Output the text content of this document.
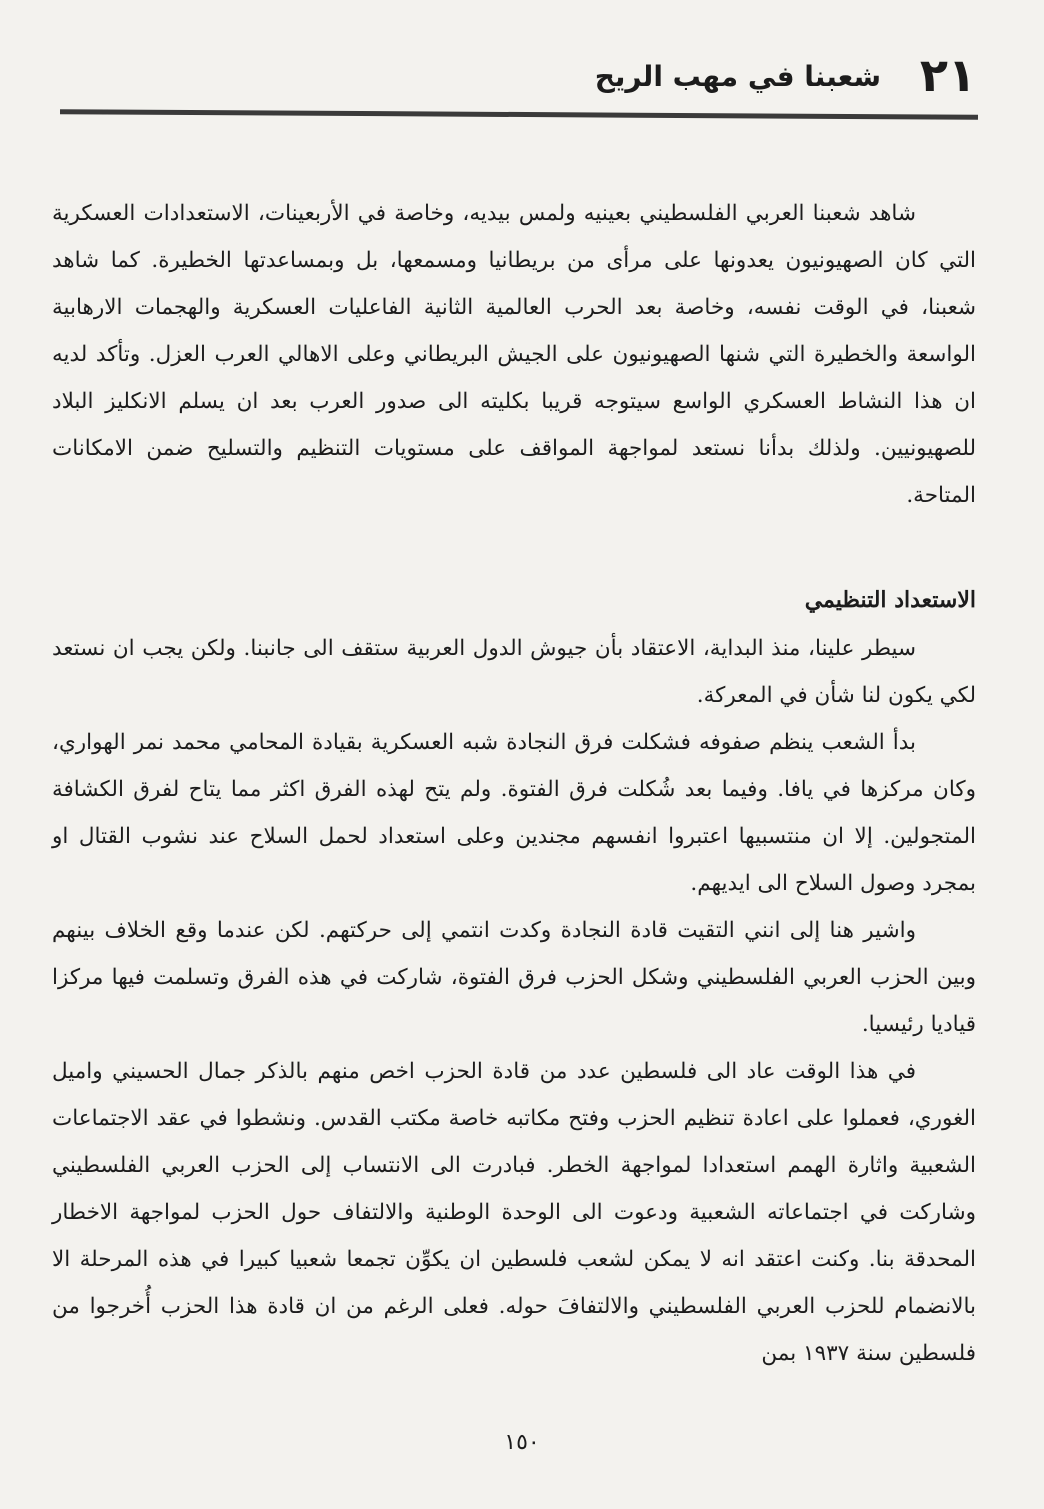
٢١
شعبنا في مهب الريح

شاهد شعبنا العربي الفلسطيني بعينيه ولمس بيديه، وخاصة في الأربعينات، الاستعدادات العسكرية التي كان الصهيونيون يعدونها على مرأى من بريطانيا ومسمعها، بل وبمساعدتها الخطيرة. كما شاهد شعبنا، في الوقت نفسه، وخاصة بعد الحرب العالمية الثانية الفاعليات العسكرية والهجمات الارهابية الواسعة والخطيرة التي شنها الصهيونيون على الجيش البريطاني وعلى الاهالي العرب العزل. وتأكد لديه ان هذا النشاط العسكري الواسع سيتوجه قريبا بكليته الى صدور العرب بعد ان يسلم الانكليز البلاد للصهيونيين. ولذلك بدأنا نستعد لمواجهة المواقف على مستويات التنظيم والتسليح ضمن الامكانات المتاحة.

الاستعداد التنظيمي

سيطر علينا، منذ البداية، الاعتقاد بأن جيوش الدول العربية ستقف الى جانبنا. ولكن يجب ان نستعد لكي يكون لنا شأن في المعركة.

بدأ الشعب ينظم صفوفه فشكلت فرق النجادة شبه العسكرية بقيادة المحامي محمد نمر الهواري، وكان مركزها في يافا. وفيما بعد شُكلت فرق الفتوة. ولم يتح لهذه الفرق اكثر مما يتاح لفرق الكشافة المتجولين. إلا ان منتسبيها اعتبروا انفسهم مجندين وعلى استعداد لحمل السلاح عند نشوب القتال او بمجرد وصول السلاح الى ايديهم.

واشير هنا إلى انني التقيت قادة النجادة وكدت انتمي إلى حركتهم. لكن عندما وقع الخلاف بينهم وبين الحزب العربي الفلسطيني وشكل الحزب فرق الفتوة، شاركت في هذه الفرق وتسلمت فيها مركزا قياديا رئيسيا.

في هذا الوقت عاد الى فلسطين عدد من قادة الحزب اخص منهم بالذكر جمال الحسيني واميل الغوري، فعملوا على اعادة تنظيم الحزب وفتح مكاتبه خاصة مكتب القدس. ونشطوا في عقد الاجتماعات الشعبية واثارة الهمم استعدادا لمواجهة الخطر. فبادرت الى الانتساب إلى الحزب العربي الفلسطيني وشاركت في اجتماعاته الشعبية ودعوت الى الوحدة الوطنية والالتفاف حول الحزب لمواجهة الاخطار المحدقة بنا. وكنت اعتقد انه لا يمكن لشعب فلسطين ان يكوِّن تجمعا شعبيا كبيرا في هذه المرحلة الا بالانضمام للحزب العربي الفلسطيني والالتفافَ حوله. فعلى الرغم من ان قادة هذا الحزب أُخرجوا من فلسطين سنة ١٩٣٧ بمن

١٥٠
